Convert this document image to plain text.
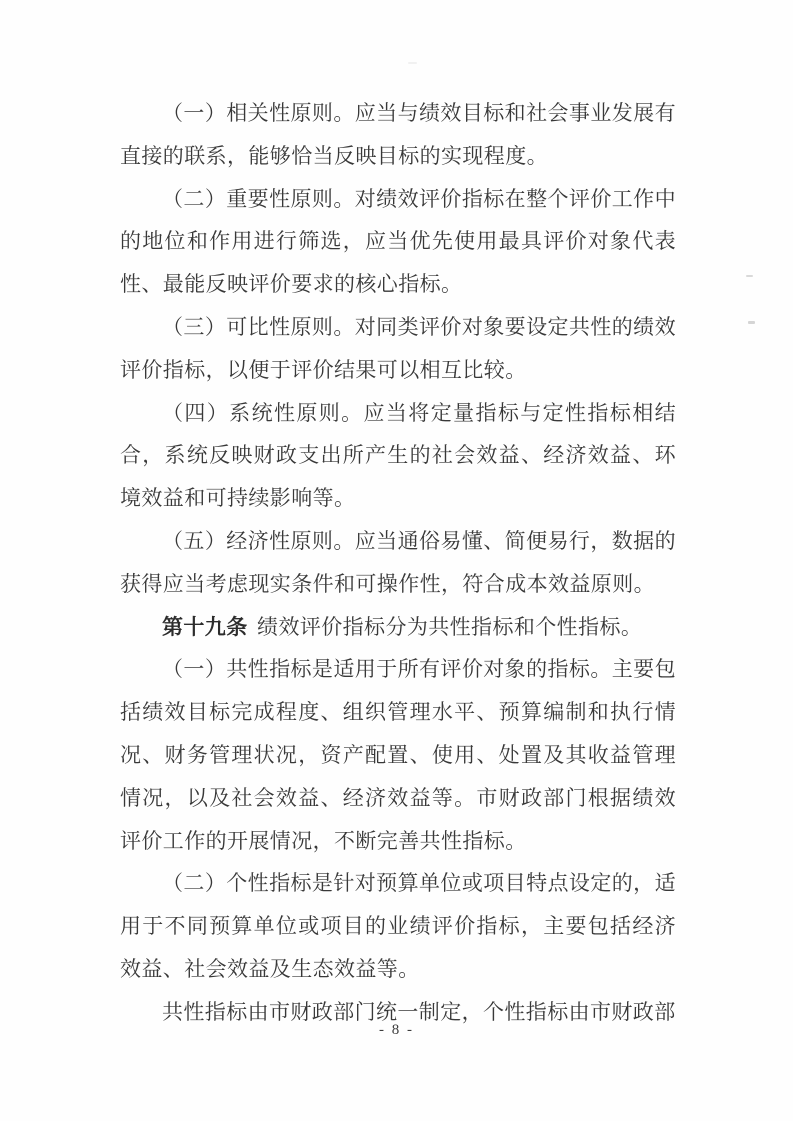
（一）相关性原则。应当与绩效目标和社会事业发展有直接的联系，能够恰当反映目标的实现程度。

（二）重要性原则。对绩效评价指标在整个评价工作中的地位和作用进行筛选，应当优先使用最具评价对象代表性、最能反映评价要求的核心指标。

（三）可比性原则。对同类评价对象要设定共性的绩效评价指标，以便于评价结果可以相互比较。

（四）系统性原则。应当将定量指标与定性指标相结合，系统反映财政支出所产生的社会效益、经济效益、环境效益和可持续影响等。

（五）经济性原则。应当通俗易懂、简便易行，数据的获得应当考虑现实条件和可操作性，符合成本效益原则。

第十九条 绩效评价指标分为共性指标和个性指标。

（一）共性指标是适用于所有评价对象的指标。主要包括绩效目标完成程度、组织管理水平、预算编制和执行情况、财务管理状况，资产配置、使用、处置及其收益管理情况，以及社会效益、经济效益等。市财政部门根据绩效评价工作的开展情况，不断完善共性指标。

（二）个性指标是针对预算单位或项目特点设定的，适用于不同预算单位或项目的业绩评价指标，主要包括经济效益、社会效益及生态效益等。

共性指标由市财政部门统一制定，个性指标由市财政部

- 8 -
